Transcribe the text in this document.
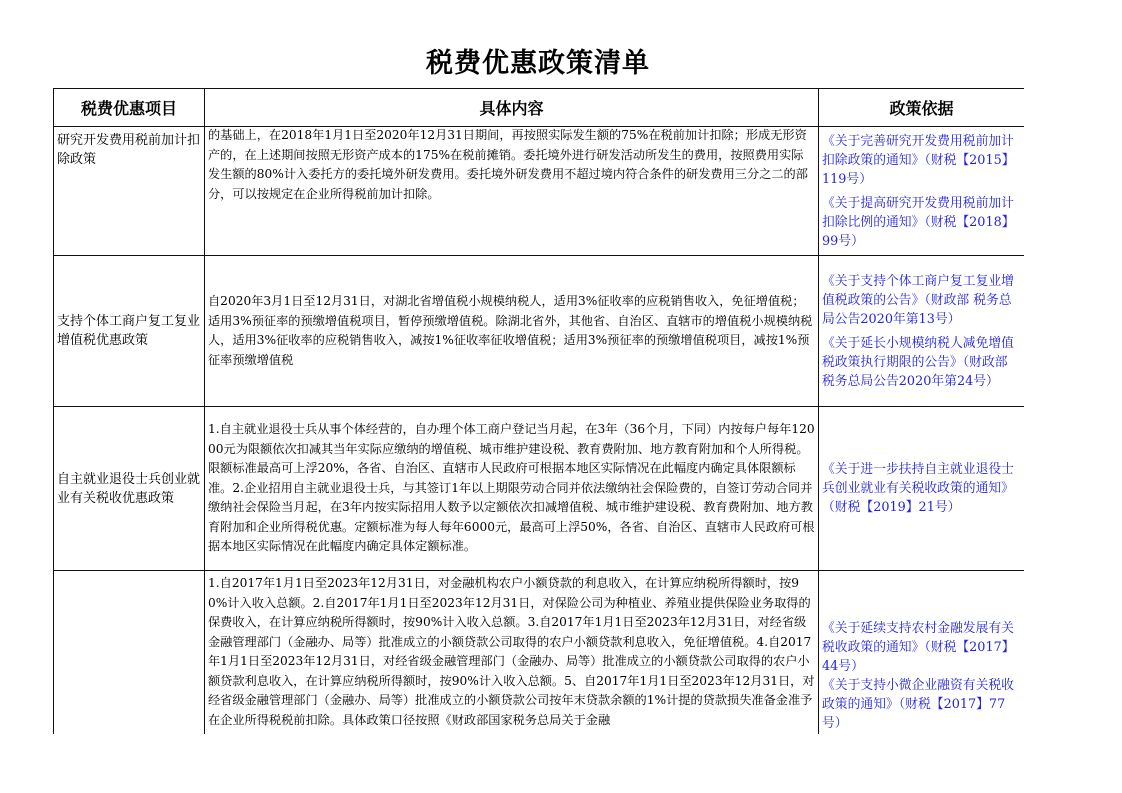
税费优惠政策清单
税费优惠项目	具体内容	政策依据
研究开发费用税前加计扣除政策	的基础上，在2018年1月1日至2020年12月31日期间，再按照实际发生额的75%在税前加计扣除；形成无形资产的，在上述期间按照无形资产成本的175%在税前摊销。委托境外进行研发活动所发生的费用，按照费用实际发生额的80%计入委托方的委托境外研发费用。委托境外研发费用不超过境内符合条件的研发费用三分之二的部分，可以按规定在企业所得税前加计扣除。	《关于完善研究开发费用税前加计扣除政策的通知》（财税【2015】119号）
《关于提高研究开发费用税前加计扣除比例的通知》（财税【2018】99号）

支持个体工商户复工复业增值税优惠政策	自2020年3月1日至12月31日，对湖北省增值税小规模纳税人，适用3%征收率的应税销售收入，免征增值税；适用3%预征率的预缴增值税项目，暂停预缴增值税。除湖北省外，其他省、自治区、直辖市的增值税小规模纳税人，适用3%征收率的应税销售收入，减按1%征收率征收增值税；适用3%预征率的预缴增值税项目，减按1%预征率预缴增值税	《关于支持个体工商户复工复业增值税政策的公告》（财政部 税务总局公告2020年第13号）
《关于延长小规模纳税人减免增值税政策执行期限的公告》（财政部 税务总局公告2020年第24号）

自主就业退役士兵创业就业有关税收优惠政策	1.自主就业退役士兵从事个体经营的，自办理个体工商户登记当月起，在3年（36个月，下同）内按每户每年12000元为限额依次扣减其当年实际应缴纳的增值税、城市维护建设税、教育费附加、地方教育附加和个人所得税。限额标准最高可上浮20%，各省、自治区、直辖市人民政府可根据本地区实际情况在此幅度内确定具体限额标准。2.企业招用自主就业退役士兵，与其签订1年以上期限劳动合同并依法缴纳社会保险费的，自签订劳动合同并缴纳社会保险当月起，在3年内按实际招用人数予以定额依次扣减增值税、城市维护建设税、教育费附加、地方教育附加和企业所得税优惠。定额标准为每人每年6000元，最高可上浮50%，各省、自治区、直辖市人民政府可根据本地区实际情况在此幅度内确定具体定额标准。	《关于进一步扶持自主就业退役士兵创业就业有关税收政策的通知》（财税【2019】21号）

	1.自2017年1月1日至2023年12月31日，对金融机构农户小额贷款的利息收入，在计算应纳税所得额时，按90%计入收入总额。2.自2017年1月1日至2023年12月31日，对保险公司为种植业、养殖业提供保险业务取得的保费收入，在计算应纳税所得额时，按90%计入收入总额。3.自2017年1月1日至2023年12月31日，对经省级金融管理部门（金融办、局等）批准成立的小额贷款公司取得的农户小额贷款利息收入，免征增值税。4.自2017年1月1日至2023年12月31日，对经省级金融管理部门（金融办、局等）批准成立的小额贷款公司取得的农户小额贷款利息收入，在计算应纳税所得额时，按90%计入收入总额。5、自2017年1月1日至2023年12月31日，对经省级金融管理部门（金融办、局等）批准成立的小额贷款公司按年末贷款余额的1%计提的贷款损失准备金准予在企业所得税税前扣除。具体政策口径按照《财政部国家税务总局关于金融	《关于延续支持农村金融发展有关税收政策的通知》（财税【2017】44号）
《关于支持小微企业融资有关税收政策的通知》（财税【2017】77号）
